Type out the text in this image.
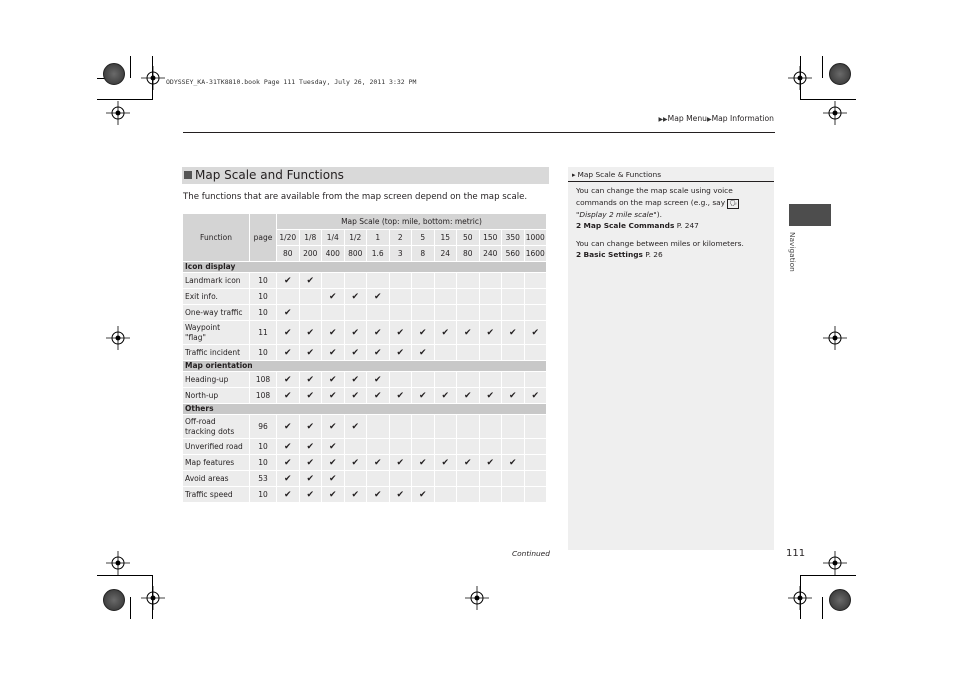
ODYSSEY_KA-31TK8810.book Page 111 Tuesday, July 26, 2011 3:32 PM
▶▶Map Menu▶Map Information
Map Scale and Functions
The functions that are available from the map screen depend on the map scale.
Function	page	Map Scale (top: mile, bottom: metric)											
		1/20	1/8	1/4	1/2	1	2	5	15	50	150	350	1000
		80	200	400	800	1.6	3	8	24	80	240	560	1600
Icon display													
Landmark icon	10	✔	✔										
Exit info.	10			✔	✔	✔							
One-way traffic	10	✔											
Waypoint
"flag"	11	✔	✔	✔	✔	✔	✔	✔	✔	✔	✔	✔	✔
Traffic incident	10	✔	✔	✔	✔	✔	✔	✔					
Map orientation													
Heading-up	108	✔	✔	✔	✔	✔							
North-up	108	✔	✔	✔	✔	✔	✔	✔	✔	✔	✔	✔	✔
Others													
Off-road
tracking dots	96	✔	✔	✔	✔								
Unverified road	10	✔	✔	✔									
Map features	10	✔	✔	✔	✔	✔	✔	✔	✔	✔	✔	✔	
Avoid areas	53	✔	✔	✔									
Traffic speed	10	✔	✔	✔	✔	✔	✔	✔					
Continued
▸ Map Scale & Functions

You can change the map scale using voice

commands on the map screen (e.g., say 🗣

"Display 2 mile scale").

2 Map Scale Commands P. 247

You can change between miles or kilometers.

2 Basic Settings P. 26

111
Navigation
